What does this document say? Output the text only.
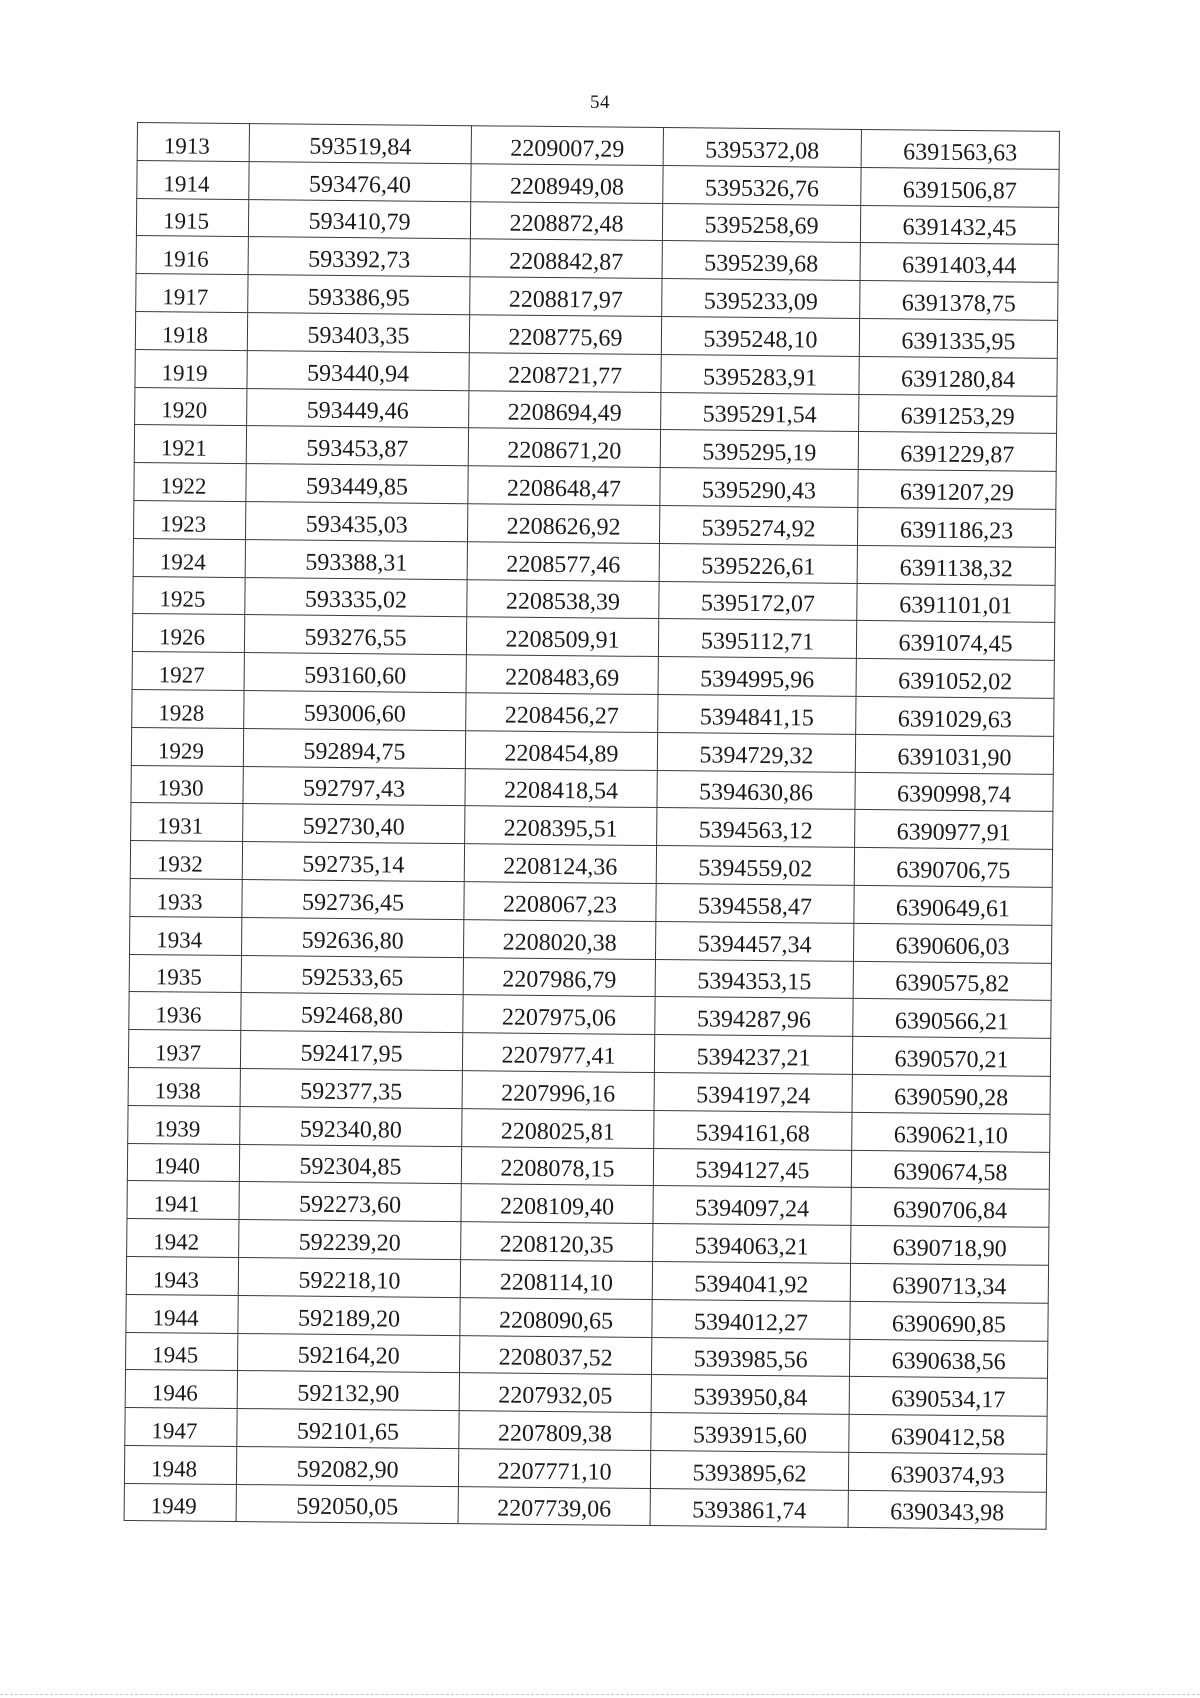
54
1913	593519,84	2209007,29	5395372,08	6391563,63
1914	593476,40	2208949,08	5395326,76	6391506,87
1915	593410,79	2208872,48	5395258,69	6391432,45
1916	593392,73	2208842,87	5395239,68	6391403,44
1917	593386,95	2208817,97	5395233,09	6391378,75
1918	593403,35	2208775,69	5395248,10	6391335,95
1919	593440,94	2208721,77	5395283,91	6391280,84
1920	593449,46	2208694,49	5395291,54	6391253,29
1921	593453,87	2208671,20	5395295,19	6391229,87
1922	593449,85	2208648,47	5395290,43	6391207,29
1923	593435,03	2208626,92	5395274,92	6391186,23
1924	593388,31	2208577,46	5395226,61	6391138,32
1925	593335,02	2208538,39	5395172,07	6391101,01
1926	593276,55	2208509,91	5395112,71	6391074,45
1927	593160,60	2208483,69	5394995,96	6391052,02
1928	593006,60	2208456,27	5394841,15	6391029,63
1929	592894,75	2208454,89	5394729,32	6391031,90
1930	592797,43	2208418,54	5394630,86	6390998,74
1931	592730,40	2208395,51	5394563,12	6390977,91
1932	592735,14	2208124,36	5394559,02	6390706,75
1933	592736,45	2208067,23	5394558,47	6390649,61
1934	592636,80	2208020,38	5394457,34	6390606,03
1935	592533,65	2207986,79	5394353,15	6390575,82
1936	592468,80	2207975,06	5394287,96	6390566,21
1937	592417,95	2207977,41	5394237,21	6390570,21
1938	592377,35	2207996,16	5394197,24	6390590,28
1939	592340,80	2208025,81	5394161,68	6390621,10
1940	592304,85	2208078,15	5394127,45	6390674,58
1941	592273,60	2208109,40	5394097,24	6390706,84
1942	592239,20	2208120,35	5394063,21	6390718,90
1943	592218,10	2208114,10	5394041,92	6390713,34
1944	592189,20	2208090,65	5394012,27	6390690,85
1945	592164,20	2208037,52	5393985,56	6390638,56
1946	592132,90	2207932,05	5393950,84	6390534,17
1947	592101,65	2207809,38	5393915,60	6390412,58
1948	592082,90	2207771,10	5393895,62	6390374,93
1949	592050,05	2207739,06	5393861,74	6390343,98
